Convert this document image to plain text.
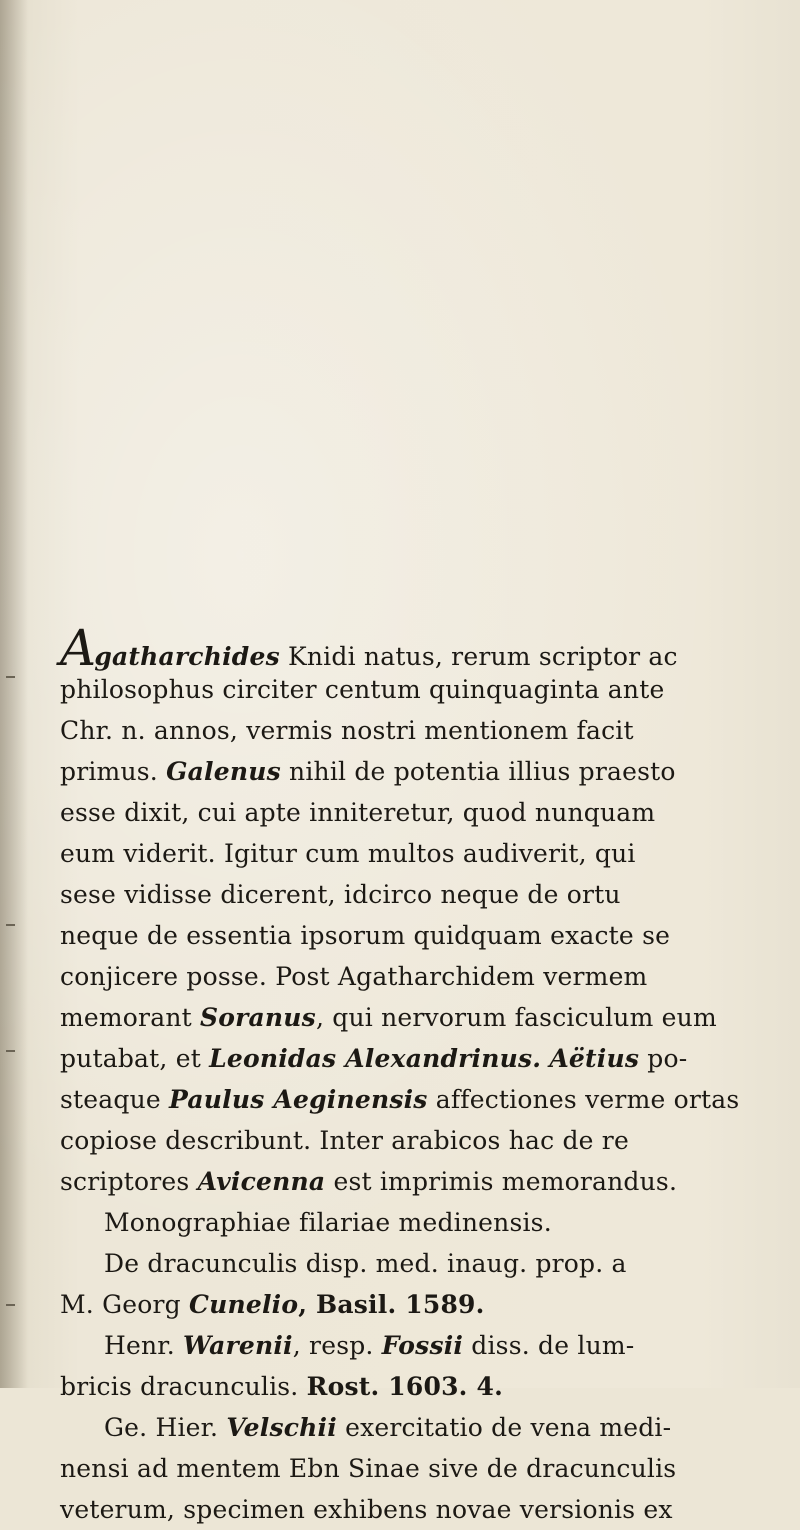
Agatharchides Knidi natus, rerum scriptor ac
philosophus circiter centum quinquaginta ante
Chr. n. annos, vermis nostri mentionem facit
primus. Galenus nihil de potentia illius praesto
esse dixit, cui apte inniteretur, quod nunquam
eum viderit. Igitur cum multos audiverit, qui
sese vidisse dicerent, idcirco neque de ortu
neque de essentia ipsorum quidquam exacte se
conjicere posse. Post Agatharchidem vermem
memorant Soranus, qui nervorum fasciculum eum
putabat, et Leonidas Alexandrinus. Aëtius po-
steaque Paulus Aeginensis affectiones verme ortas
copiose describunt. Inter arabicos hac de re
scriptores Avicenna est imprimis memorandus.
Monographiae filariae medinensis.
De dracunculis disp. med. inaug. prop. a
M. Georg Cunelio, Basil. 1589.
Henr. Warenii, resp. Fossii diss. de lum-
bricis dracunculis. Rost. 1603. 4.
Ge. Hier. Velschii exercitatio de vena medi-
nensi ad mentem Ebn Sinae sive de dracunculis
veterum, specimen exhibens novae versionis ex
